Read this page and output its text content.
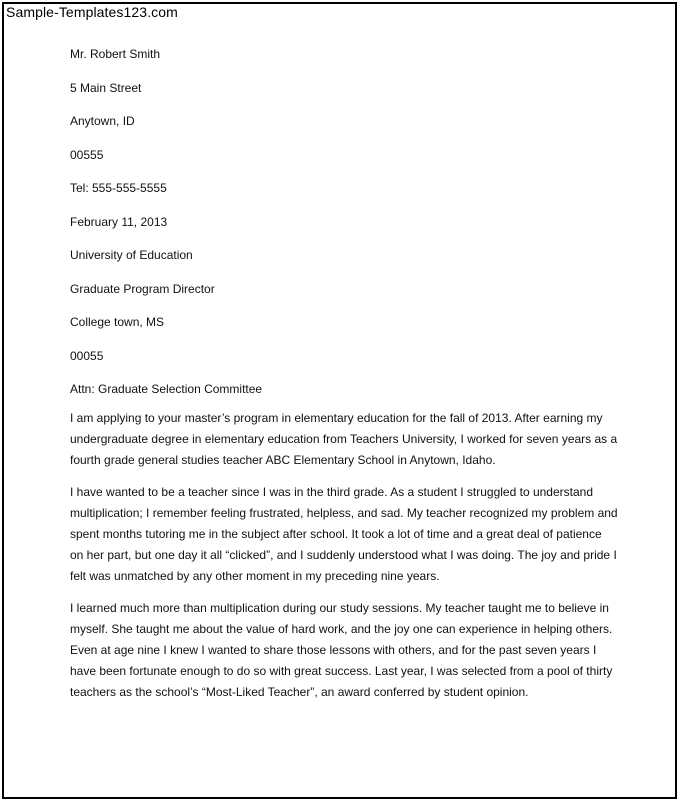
Sample-Templates123.com
Mr. Robert Smith
5 Main Street
Anytown, ID
00555
Tel: 555-555-5555
February 11, 2013
University of Education
Graduate Program Director
College town, MS
00055
Attn: Graduate Selection Committee

I am applying to your master’s program in elementary education for the fall of 2013. After earning my undergraduate degree in elementary education from Teachers University, I worked for seven years as a fourth grade general studies teacher ABC Elementary School in Anytown, Idaho.

I have wanted to be a teacher since I was in the third grade. As a student I struggled to understand multiplication; I remember feeling frustrated, helpless, and sad. My teacher recognized my problem and spent months tutoring me in the subject after school. It took a lot of time and a great deal of patience on her part, but one day it all “clicked”, and I suddenly understood what I was doing. The joy and pride I felt was unmatched by any other moment in my preceding nine years.

I learned much more than multiplication during our study sessions. My teacher taught me to believe in myself. She taught me about the value of hard work, and the joy one can experience in helping others. Even at age nine I knew I wanted to share those lessons with others, and for the past seven years I have been fortunate enough to do so with great success. Last year, I was selected from a pool of thirty teachers as the school’s “Most-Liked Teacher”, an award conferred by student opinion.
